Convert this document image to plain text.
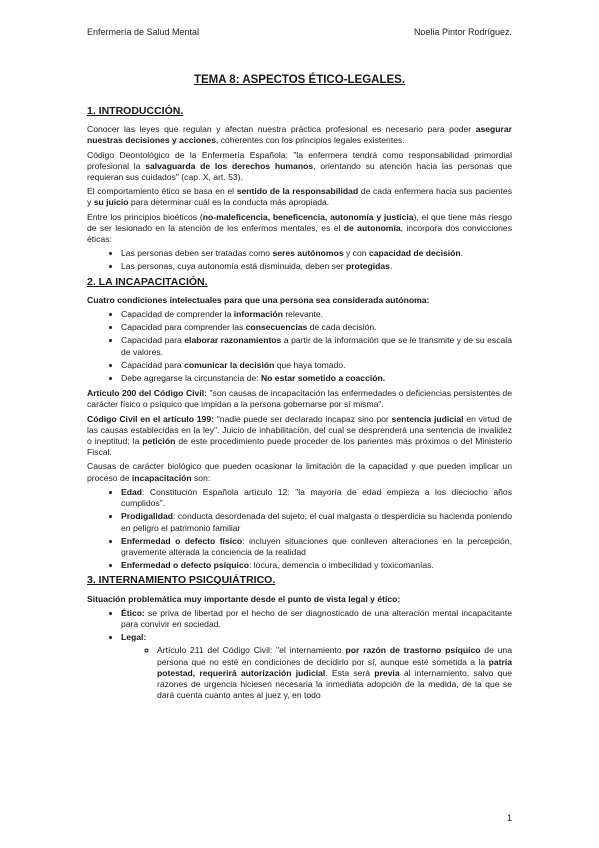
Enfermería de Salud Mental	Noelia Pintor Rodríguez.
TEMA 8: ASPECTOS ÉTICO-LEGALES.
1. INTRODUCCIÓN.

Conocer las leyes que regulan y afectan nuestra práctica profesional es necesario para poder asegurar nuestras decisiones y acciones, coherentes con los principios legales existentes.

Código Deontológico de la Enfermería Española: "la enfermera tendrá como responsabilidad primordial profesional la salvaguarda de los derechos humanos, orientando su atención hacia las personas que requieran sus cuidados" (cap. X, art. 53).

El comportamiento ético se basa en el sentido de la responsabilidad de cada enfermera hacia sus pacientes y su juicio para determinar cuál es la conducta más apropiada.

Entre los principios bioéticos (no-maleficencia, beneficencia, autonomía y justicia), el que tiene más riesgo de ser lesionado en la atención de los enfermos mentales, es el de autonomía, incorpora dos convicciones éticas:

• Las personas deben ser tratadas como seres autónomos y con capacidad de decisión.
• Las personas, cuya autonomía está disminuida, deben ser protegidas.
2. LA INCAPACITACIÓN.

Cuatro condiciones intelectuales para que una persona sea considerada autónoma:

• Capacidad de comprender la información relevante.
• Capacidad para comprender las consecuencias de cada decisión.
• Capacidad para elaborar razonamientos a partir de la información que se le transmite y de su escala de valores.
• Capacidad para comunicar la decisión que haya tomado.
• Debe agregarse la circunstancia de: No estar sometido a coacción.

Artículo 200 del Código Civil: "son causas de incapacitación las enfermedades o deficiencias persistentes de carácter físico o psíquico que impidan a la persona gobernarse por sí misma".

Código Civil en el artículo 199: "nadie puede ser declarado incapaz sino por sentencia judicial en virtud de las causas establecidas en la ley". Juicio de inhabilitación, del cual se desprenderá una sentencia de invalidez o ineptitud; la petición de este procedimiento puede proceder de los parientes más próximos o del Ministerio Fiscal.

Causas de carácter biológico que pueden ocasionar la limitación de la capacidad y que pueden implicar un proceso de incapacitación son:

• Edad: Constitución Española artículo 12: "la mayoría de edad empieza a los dieciocho años cumplidos".
• Prodigalidad: conducta desordenada del sujeto, el cual malgasta o desperdicia su hacienda poniendo en peligro el patrimonio familiar
• Enfermedad o defecto físico: incluyen situaciones que conlleven alteraciones en la percepción, gravemente alterada la conciencia de la realidad
• Enfermedad o defecto psíquico: locura, demencia o imbecilidad y toxicomanías.
3. INTERNAMIENTO PSICQUIÁTRICO.

Situación problemática muy importante desde el punto de vista legal y ético:

• Ético: se priva de libertad por el hecho de ser diagnosticado de una alteración mental incapacitante para convivir en sociedad.
• Legal:
◦ Artículo 211 del Código Civil: "el internamiento por razón de trastorno psíquico de una persona que no esté en condiciones de decidirlo por sí, aunque esté sometida a la patria potestad, requerirá autorización judicial. Esta será previa al internamiento, salvo que razones de urgencia hiciesen necesaria la inmediata adopción de la medida, de la que se dará cuenta cuanto antes al juez y, en todo
1
